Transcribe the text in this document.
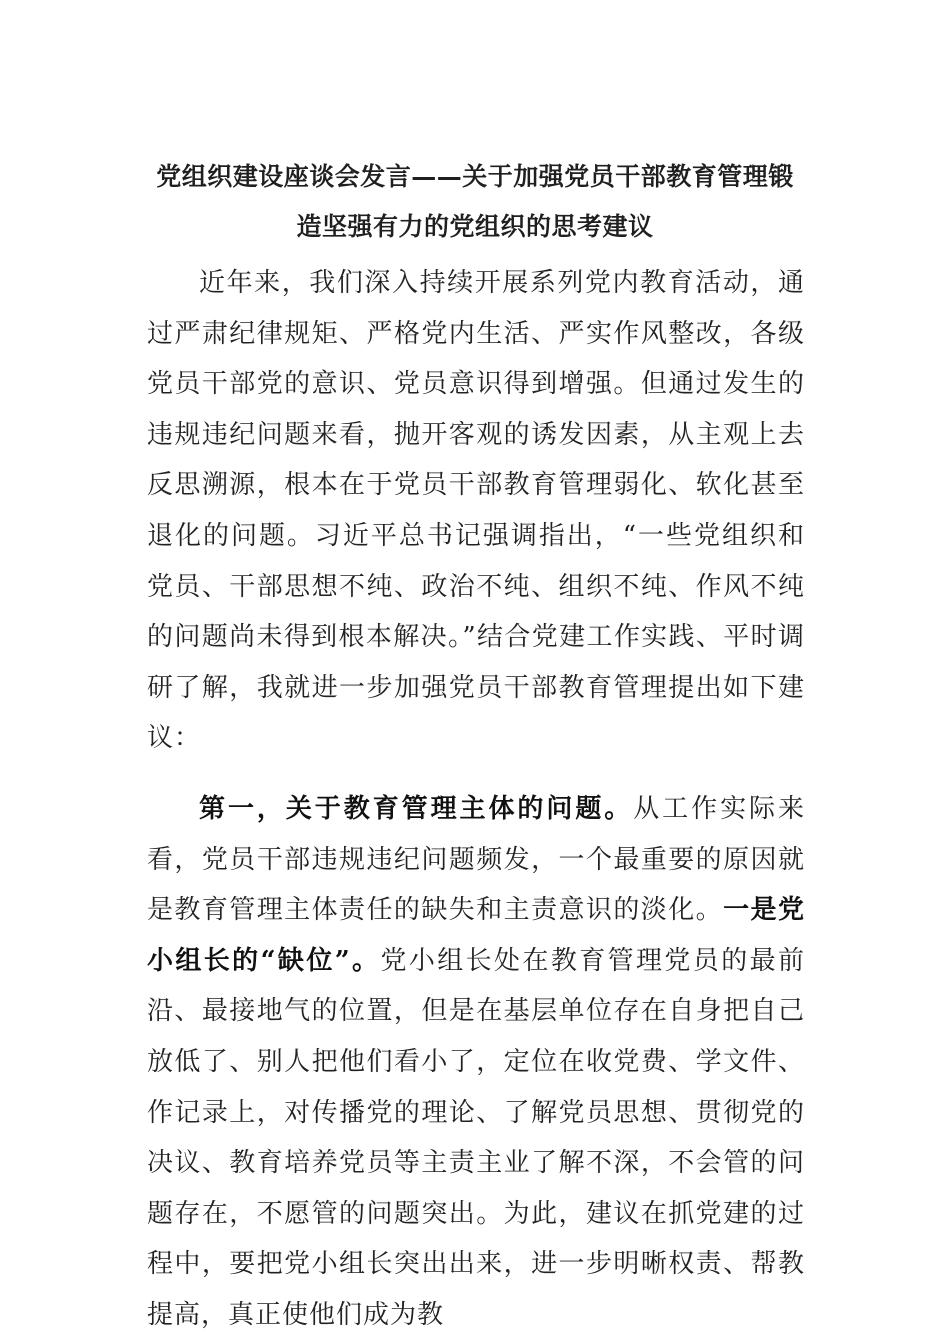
党组织建设座谈会发言——关于加强党员干部教育管理锻
造坚强有力的党组织的思考建议

近年来，我们深入持续开展系列党内教育活动，通过严肃纪律规矩、严格党内生活、严实作风整改，各级党员干部党的意识、党员意识得到增强。但通过发生的违规违纪问题来看，抛开客观的诱发因素，从主观上去反思溯源，根本在于党员干部教育管理弱化、软化甚至退化的问题。习近平总书记强调指出，“一些党组织和党员、干部思想不纯、政治不纯、组织不纯、作风不纯的问题尚未得到根本解决。”结合党建工作实践、平时调研了解，我就进一步加强党员干部教育管理提出如下建议：

第一，关于教育管理主体的问题。从工作实际来看，党员干部违规违纪问题频发，一个最重要的原因就是教育管理主体责任的缺失和主责意识的淡化。一是党小组长的“缺位”。党小组长处在教育管理党员的最前沿、最接地气的位置，但是在基层单位存在自身把自己放低了、别人把他们看小了，定位在收党费、学文件、作记录上，对传播党的理论、了解党员思想、贯彻党的决议、教育培养党员等主责主业了解不深，不会管的问题存在，不愿管的问题突出。为此，建议在抓党建的过程中，要把党小组长突出出来，进一步明晰权责、帮教提高，真正使他们成为教
